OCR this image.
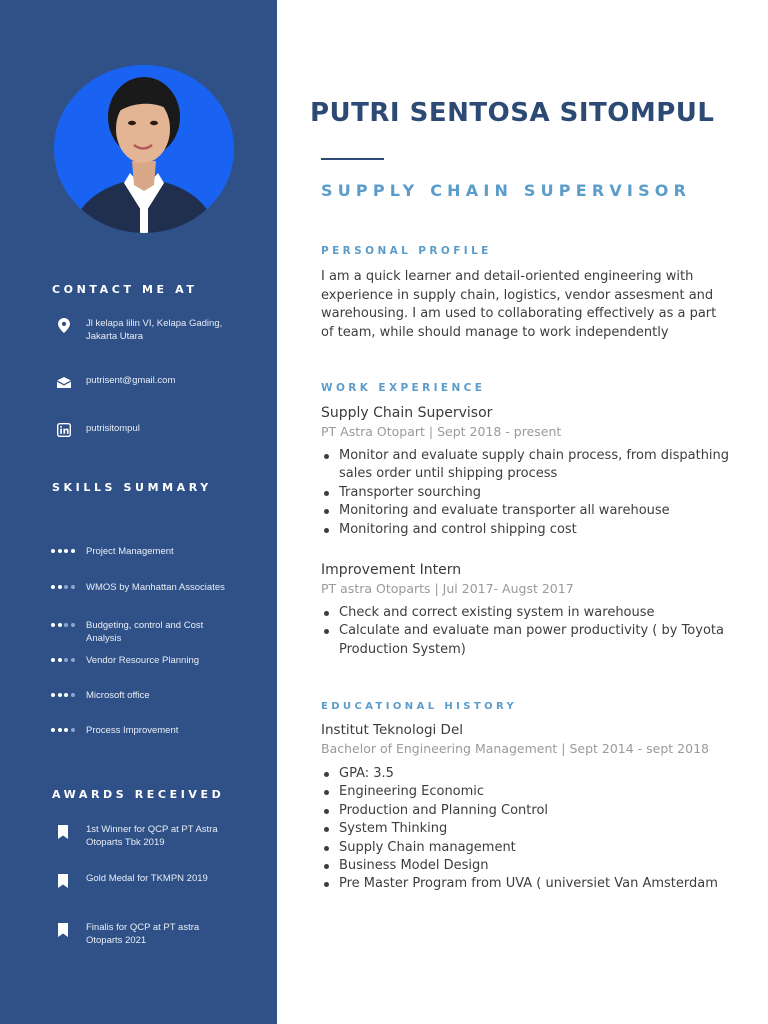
CONTACT ME AT
Jl kelapa lilin VI, Kelapa Gading, Jakarta Utara
putrisent@gmail.com
putrisitompul
SKILLS SUMMARY
Project Management
WMOS by Manhattan Associates
Budgeting, control and Cost Analysis
Vendor Resource Planning
Microsoft office
Process Improvement
AWARDS RECEIVED
1st Winner for QCP at PT Astra Otoparts Tbk 2019
Gold Medal for TKMPN 2019
Finalis for QCP at PT astra Otoparts 2021
PUTRI SENTOSA SITOMPUL
SUPPLY CHAIN SUPERVISOR
PERSONAL PROFILE
I am a quick learner and detail-oriented engineering with experience in supply chain, logistics, vendor assesment and warehousing. I am used to collaborating effectively as a part of team, while should manage to work independently
WORK EXPERIENCE
Supply Chain Supervisor
PT Astra Otopart | Sept 2018 - present
Monitor and evaluate supply chain process, from dispathing sales order until shipping process
Transporter sourching
Monitoring and evaluate transporter all warehouse
Monitoring and control shipping cost
Improvement Intern
PT astra Otoparts | Jul 2017- Augst 2017
Check and correct existing system in warehouse
Calculate and evaluate man power productivity ( by Toyota Production System)
EDUCATIONAL HISTORY
Institut Teknologi Del
Bachelor of Engineering Management | Sept 2014 - sept 2018
GPA: 3.5
Engineering Economic
Production and Planning Control
System Thinking
Supply Chain management
Business Model Design
Pre Master Program from UVA ( universiet Van Amsterdam
